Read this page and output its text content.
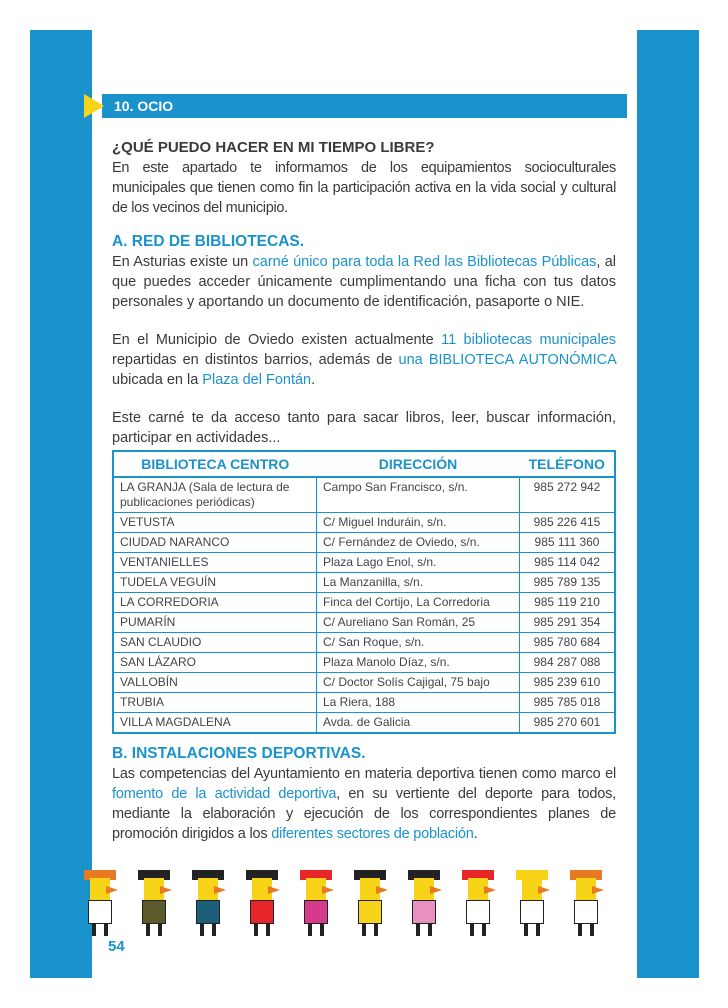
10. OCIO

¿QUÉ PUEDO HACER EN MI TIEMPO LIBRE?

En este apartado te informamos de los equipamientos socioculturales municipales que tienen como fin la participación activa en la vida social y cultural de los vecinos del municipio.

A. RED DE BIBLIOTECAS.

En Asturias existe un carné único para toda la Red las Bibliotecas Públicas, al que puedes acceder únicamente cumplimentando una ficha con tus datos personales y aportando un documento de identificación, pasaporte o NIE.

En el Municipio de Oviedo existen actualmente 11 bibliotecas municipales repartidas en distintos barrios, además de una BIBLIOTECA AUTONÓMICA ubicada en la Plaza del Fontán.

Este carné te da acceso tanto para sacar libros, leer, buscar información, participar en actividades...

BIBLIOTECA CENTRO	DIRECCIÓN	TELÉFONO
LA GRANJA (Sala de lectura de publicaciones periódicas)	Campo San Francisco, s/n.	985 272 942
VETUSTA	C/ Miguel Induráin, s/n.	985 226 415
CIUDAD NARANCO	C/ Fernández de Oviedo, s/n.	985 111 360
VENTANIELLES	Plaza Lago Enol, s/n.	985 114 042
TUDELA VEGUÍN	La Manzanilla, s/n.	985 789 135
LA CORREDORIA	Finca del Cortijo, La Corredoria	985 119 210
PUMARÍN	C/ Aureliano San Román, 25	985 291 354
SAN CLAUDIO	C/ San Roque, s/n.	985 780 684
SAN LÁZARO	Plaza Manolo Díaz, s/n.	984 287 088
VALLOBÍN	C/ Doctor Solís Cajigal, 75 bajo	985 239 610
TRUBIA	La Riera, 188	985 785 018
VILLA MAGDALENA	Avda. de Galicia	985 270 601

B. INSTALACIONES DEPORTIVAS.

Las competencias del Ayuntamiento en materia deportiva tienen como marco el fomento de la actividad deportiva, en su vertiente del deporte para todos, mediante la elaboración y ejecución de los correspondientes planes de promoción dirigidos a los diferentes sectores de población.

54
